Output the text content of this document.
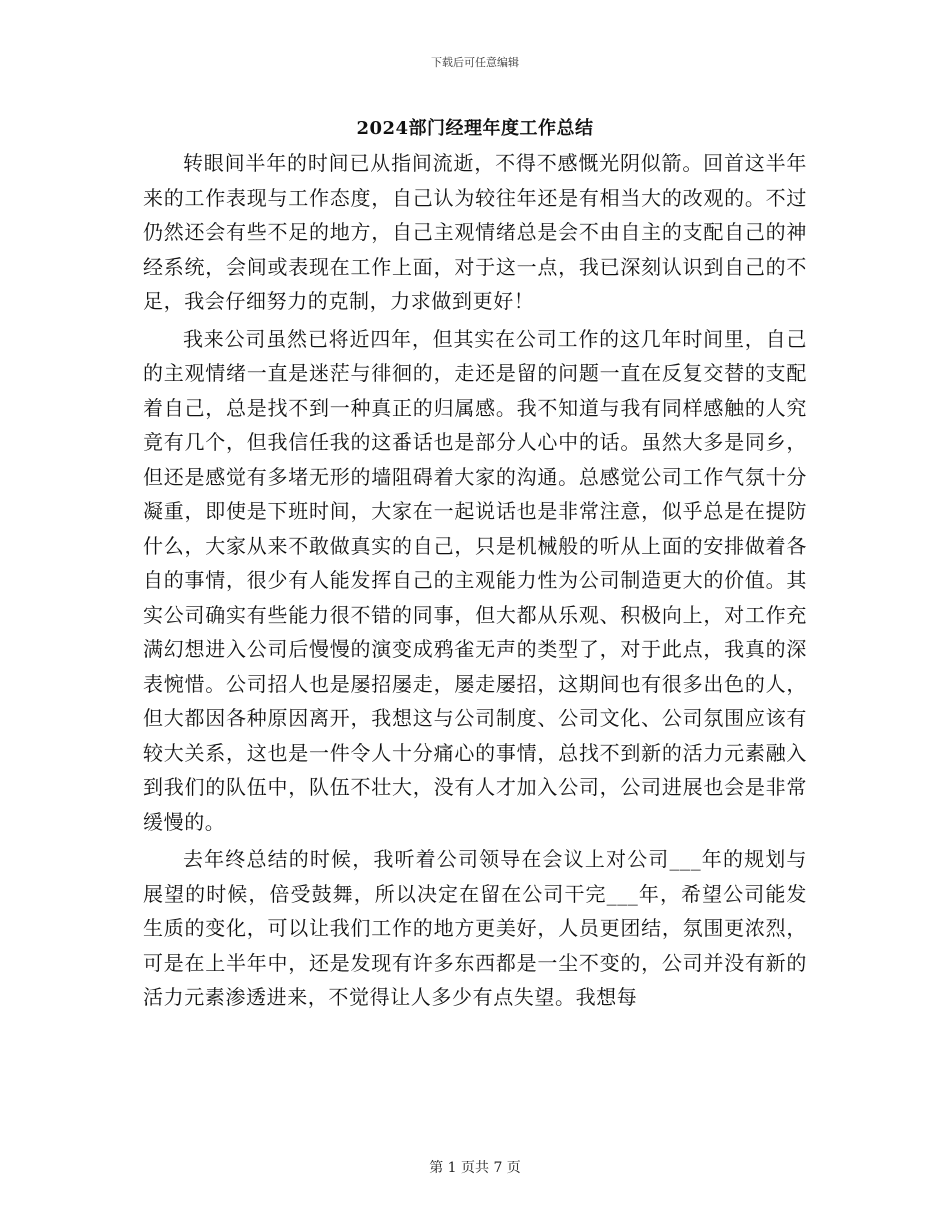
下载后可任意编辑
2024部门经理年度工作总结

转眼间半年的时间已从指间流逝，不得不感慨光阴似箭。回首这半年来的工作表现与工作态度，自己认为较往年还是有相当大的改观的。不过仍然还会有些不足的地方，自己主观情绪总是会不由自主的支配自己的神经系统，会间或表现在工作上面，对于这一点，我已深刻认识到自己的不足，我会仔细努力的克制，力求做到更好！

我来公司虽然已将近四年，但其实在公司工作的这几年时间里，自己的主观情绪一直是迷茫与徘徊的，走还是留的问题一直在反复交替的支配着自己，总是找不到一种真正的归属感。我不知道与我有同样感触的人究竟有几个，但我信任我的这番话也是部分人心中的话。虽然大多是同乡，但还是感觉有多堵无形的墙阻碍着大家的沟通。总感觉公司工作气氛十分凝重，即使是下班时间，大家在一起说话也是非常注意，似乎总是在提防什么，大家从来不敢做真实的自己，只是机械般的听从上面的安排做着各自的事情，很少有人能发挥自己的主观能力性为公司制造更大的价值。其实公司确实有些能力很不错的同事，但大都从乐观、积极向上，对工作充满幻想进入公司后慢慢的演变成鸦雀无声的类型了，对于此点，我真的深表惋惜。公司招人也是屡招屡走，屡走屡招，这期间也有很多出色的人，但大都因各种原因离开，我想这与公司制度、公司文化、公司氛围应该有较大关系，这也是一件令人十分痛心的事情，总找不到新的活力元素融入到我们的队伍中，队伍不壮大，没有人才加入公司，公司进展也会是非常缓慢的。

去年终总结的时候，我听着公司领导在会议上对公司___年的规划与展望的时候，倍受鼓舞，所以决定在留在公司干完___年，希望公司能发生质的变化，可以让我们工作的地方更美好，人员更团结，氛围更浓烈，可是在上半年中，还是发现有许多东西都是一尘不变的，公司并没有新的活力元素渗透进来，不觉得让人多少有点失望。我想每

第 1 页共 7 页
